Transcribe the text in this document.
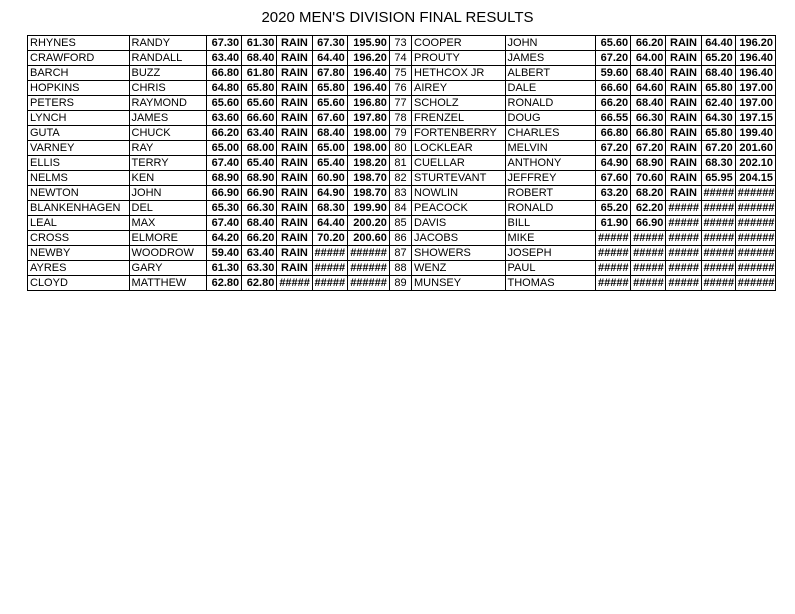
2020 MEN'S DIVISION FINAL RESULTS
RHYNES	RANDY	67.30	61.30	RAIN	67.30	195.90	73	COOPER	JOHN	65.60	66.20	RAIN	64.40	196.20
CRAWFORD	RANDALL	63.40	68.40	RAIN	64.40	196.20	74	PROUTY	JAMES	67.20	64.00	RAIN	65.20	196.40
BARCH	BUZZ	66.80	61.80	RAIN	67.80	196.40	75	HETHCOX JR	ALBERT	59.60	68.40	RAIN	68.40	196.40
HOPKINS	CHRIS	64.80	65.80	RAIN	65.80	196.40	76	AIREY	DALE	66.60	64.60	RAIN	65.80	197.00
PETERS	RAYMOND	65.60	65.60	RAIN	65.60	196.80	77	SCHOLZ	RONALD	66.20	68.40	RAIN	62.40	197.00
LYNCH	JAMES	63.60	66.60	RAIN	67.60	197.80	78	FRENZEL	DOUG	66.55	66.30	RAIN	64.30	197.15
GUTA	CHUCK	66.20	63.40	RAIN	68.40	198.00	79	FORTENBERRY	CHARLES	66.80	66.80	RAIN	65.80	199.40
VARNEY	RAY	65.00	68.00	RAIN	65.00	198.00	80	LOCKLEAR	MELVIN	67.20	67.20	RAIN	67.20	201.60
ELLIS	TERRY	67.40	65.40	RAIN	65.40	198.20	81	CUELLAR	ANTHONY	64.90	68.90	RAIN	68.30	202.10
NELMS	KEN	68.90	68.90	RAIN	60.90	198.70	82	STURTEVANT	JEFFREY	67.60	70.60	RAIN	65.95	204.15
NEWTON	JOHN	66.90	66.90	RAIN	64.90	198.70	83	NOWLIN	ROBERT	63.20	68.20	RAIN	#####	######
BLANKENHAGEN	DEL	65.30	66.30	RAIN	68.30	199.90	84	PEACOCK	RONALD	65.20	62.20	#####	#####	######
LEAL	MAX	67.40	68.40	RAIN	64.40	200.20	85	DAVIS	BILL	61.90	66.90	#####	#####	######
CROSS	ELMORE	64.20	66.20	RAIN	70.20	200.60	86	JACOBS	MIKE	#####	#####	#####	#####	######
NEWBY	WOODROW	59.40	63.40	RAIN	#####	######	87	SHOWERS	JOSEPH	#####	#####	#####	#####	######
AYRES	GARY	61.30	63.30	RAIN	#####	######	88	WENZ	PAUL	#####	#####	#####	#####	######
CLOYD	MATTHEW	62.80	62.80	#####	#####	######	89	MUNSEY	THOMAS	#####	#####	#####	#####	######
